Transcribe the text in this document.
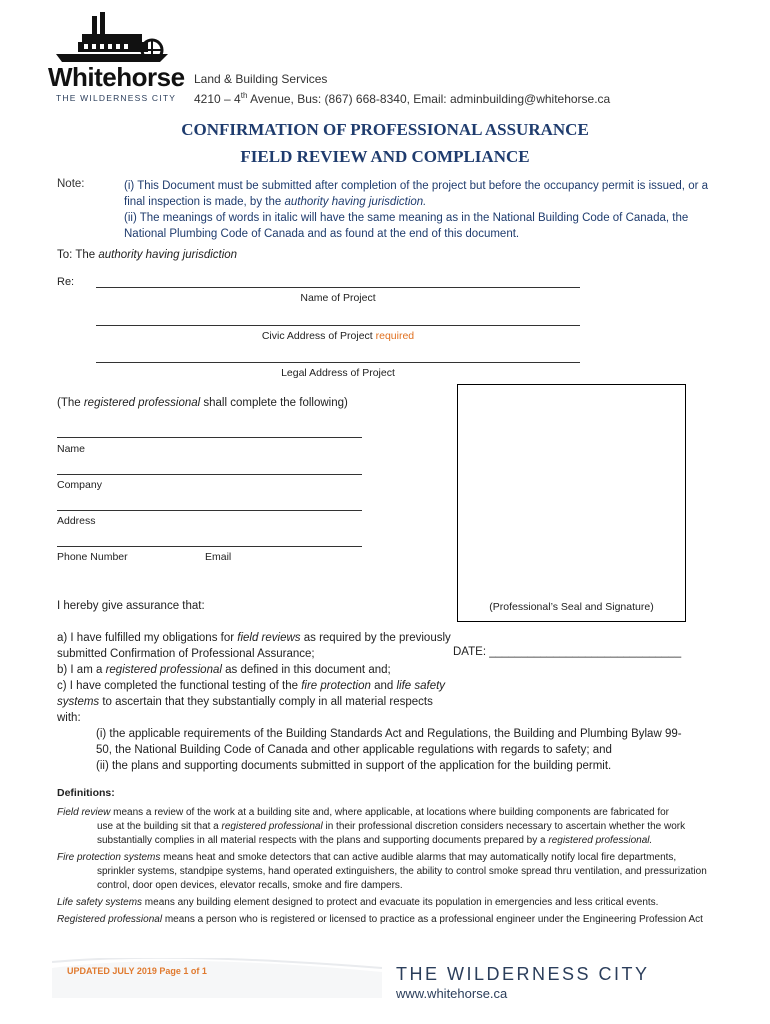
Whitehorse
THE WILDERNESS CITY
Land & Building Services
4210 – 4th Avenue, Bus: (867) 668-8340, Email: adminbuilding@whitehorse.ca
CONFIRMATION OF PROFESSIONAL ASSURANCE
FIELD REVIEW AND COMPLIANCE
Note:	(i) This Document must be submitted after completion of the project but before the occupancy permit is issued, or a final inspection is made, by the authority having jurisdiction.
(ii) The meanings of words in italic will have the same meaning as in the National Building Code of Canada, the National Plumbing Code of Canada and as found at the end of this document.
To: The authority having jurisdiction
Re:
Name of Project
Civic Address of Project required
Legal Address of Project
(The registered professional shall complete the following)
Name
Company
Address
Phone Number	Email
(Professional’s Seal and Signature)
DATE: ______________________________
I hereby give assurance that:
a) I have fulfilled my obligations for field reviews as required by the previously submitted Confirmation of Professional Assurance;
b) I am a registered professional as defined in this document and;
c) I have completed the functional testing of the fire protection and life safety systems to ascertain that they substantially comply in all material respects with:
(i) the applicable requirements of the Building Standards Act and Regulations, the Building and Plumbing Bylaw 99-50, the National Building Code of Canada and other applicable regulations with regards to safety; and
(ii) the plans and supporting documents submitted in support of the application for the building permit.
Definitions:
Field review means a review of the work at a building site and, where applicable, at locations where building components are fabricated for
use at the building sit that a registered professional in their professional discretion considers necessary to ascertain whether the work substantially complies in all material respects with the plans and supporting documents prepared by a registered professional.
Fire protection systems means heat and smoke detectors that can active audible alarms that may automatically notify local fire departments,
sprinkler systems, standpipe systems, hand operated extinguishers, the ability to control smoke spread thru ventilation, and pressurization control, door open devices, elevator recalls, smoke and fire dampers.
Life safety systems means any building element designed to protect and evacuate its population in emergencies and less critical events.
Registered professional means a person who is registered or licensed to practice as a professional engineer under the Engineering Profession Act
UPDATED JULY 2019 Page 1 of 1	THE WILDERNESS CITY
www.whitehorse.ca
